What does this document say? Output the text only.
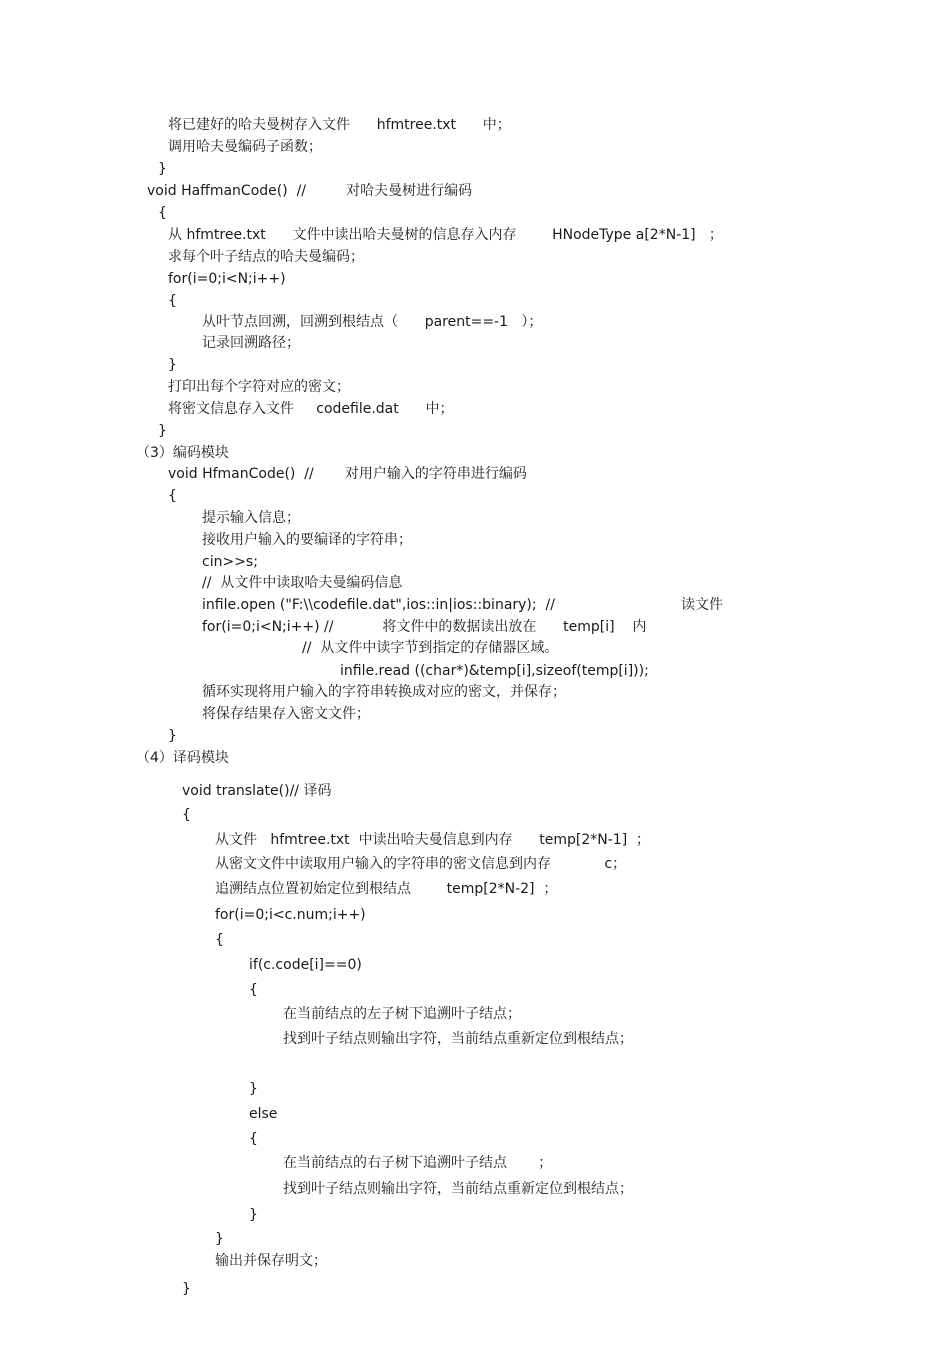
将已建好的哈夫曼树存入文件      hfmtree.txt      中；
调用哈夫曼编码子函数；
}
void HaffmanCode()  //         对哈夫曼树进行编码
{
从 hfmtree.txt      文件中读出哈夫曼树的信息存入内存        HNodeType a[2*N-1]   ；
求每个叶子结点的哈夫曼编码；
for(i=0;i<N;i++)
{
从叶节点回溯，回溯到根结点（      parent==-1   ）；
记录回溯路径；
}
打印出每个字符对应的密文；
将密文信息存入文件     codefile.dat      中；
}
（3）编码模块
void HfmanCode()  //       对用户输入的字符串进行编码
{
提示输入信息；
接收用户输入的要编译的字符串；
cin>>s;
//  从文件中读取哈夫曼编码信息
infile.open ("F:\\codefile.dat",ios::in|ios::binary);  //	读文件
for(i=0;i<N;i++) //           将文件中的数据读出放在      temp[i]    内
//  从文件中读字节到指定的存储器区域。
infile.read ((char*)&temp[i],sizeof(temp[i]));
循环实现将用户输入的字符串转换成对应的密文，并保存；
将保存结果存入密文文件；
}
（4）译码模块
void translate()// 译码
{
从文件   hfmtree.txt  中读出哈夫曼信息到内存      temp[2*N-1]  ；
从密文文件中读取用户输入的字符串的密文信息到内存            c；
追溯结点位置初始定位到根结点        temp[2*N-2]  ；
for(i=0;i<c.num;i++)
{
if(c.code[i]==0)
{
在当前结点的左子树下追溯叶子结点；
找到叶子结点则输出字符，当前结点重新定位到根结点；
}
else
{
在当前结点的右子树下追溯叶子结点       ；
找到叶子结点则输出字符，当前结点重新定位到根结点；
}
}
输出并保存明文；
}
